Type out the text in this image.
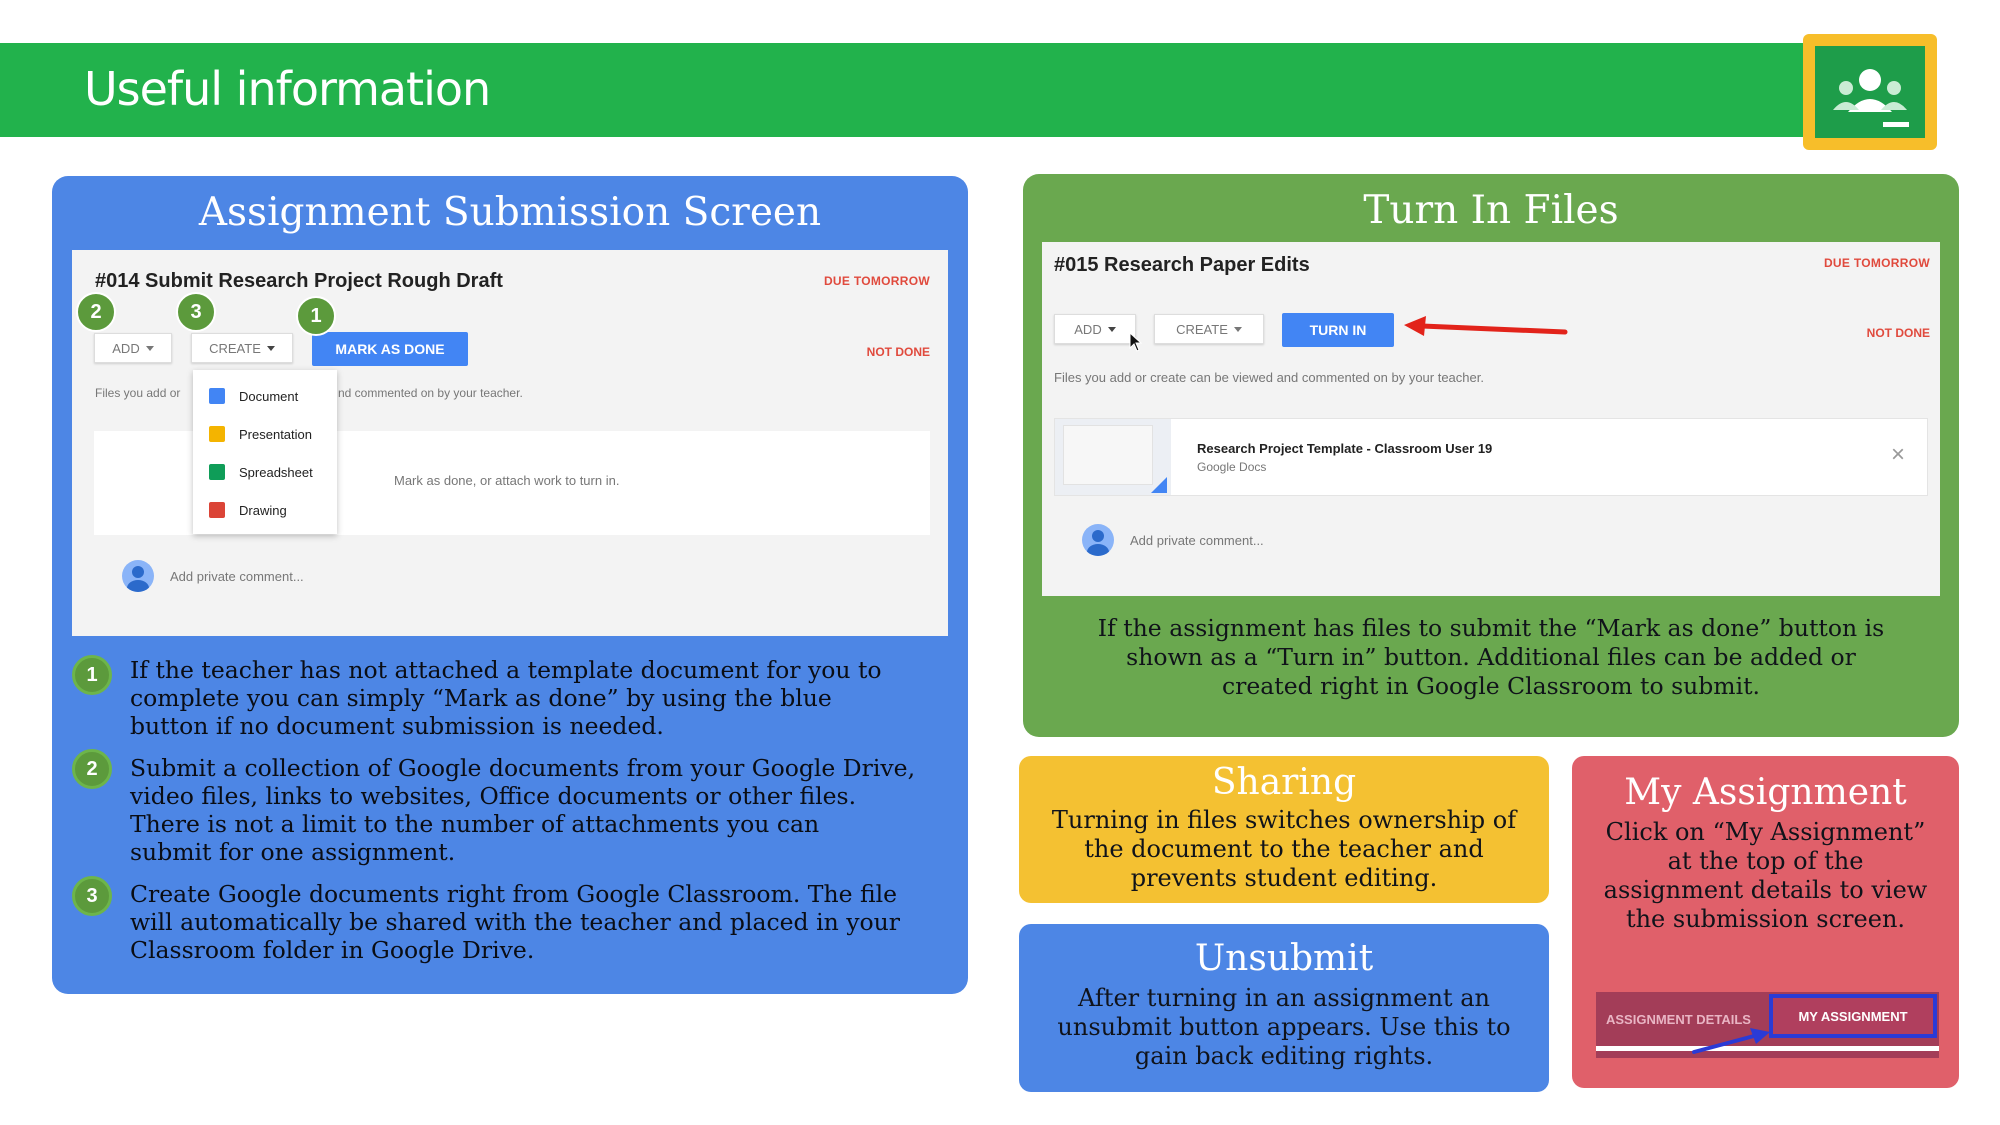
Useful information
Assignment Submission Screen
#014 Submit Research Project Rough Draft	DUE TOMORROW
NOT DONE
ADD	CREATE	MARK AS DONE
Files you add or	nd commented on by your teacher.
Mark as done, or attach work to turn in.
Add private comment...
2	3	1
Document
Presentation
Spreadsheet
Drawing
1	If the teacher has not attached a template document for you to
complete you can simply “Mark as done” by using the blue
button if no document submission is needed.
2	Submit a collection of Google documents from your Google Drive,
video files, links to websites, Office documents or other files.
There is not a limit to the number of attachments you can
submit for one assignment.
3	Create Google documents right from Google Classroom. The file
will automatically be shared with the teacher and placed in your
Classroom folder in Google Drive.
Turn In Files
#015 Research Paper Edits	DUE TOMORROW
NOT DONE
ADD	CREATE	TURN IN
Files you add or create can be viewed and commented on by your teacher.
Research Project Template - Classroom User 19
Google Docs	×
Add private comment...
If the assignment has files to submit the “Mark as done” button is
shown as a “Turn in” button. Additional files can be added or
created right in Google Classroom to submit.
Sharing
Turning in files switches ownership of
the document to the teacher and
prevents student editing.
Unsubmit
After turning in an assignment an
unsubmit button appears. Use this to
gain back editing rights.
My Assignment
Click on “My Assignment”
at the top of the
assignment details to view
the submission screen.
ASSIGNMENT DETAILS	MY ASSIGNMENT
